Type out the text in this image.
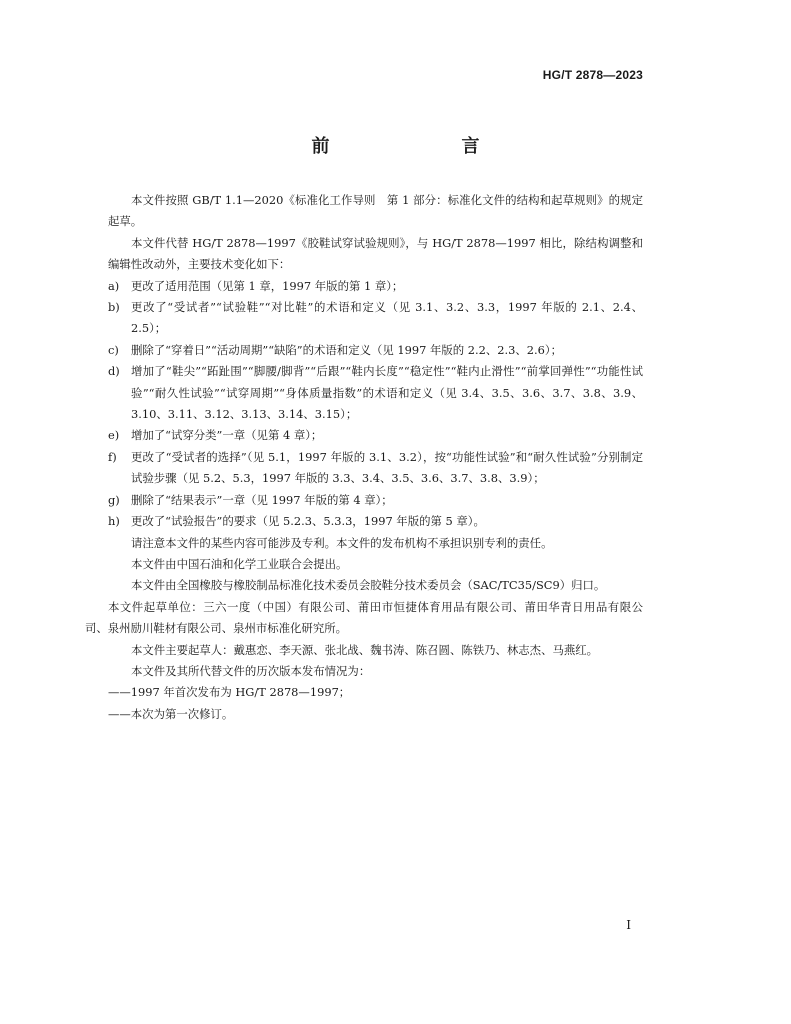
HG/T 2878—2023
前　　言

本文件按照 GB/T 1.1—2020《标准化工作导则　第 1 部分：标准化文件的结构和起草规则》的规定起草。

本文件代替 HG/T 2878—1997《胶鞋试穿试验规则》，与 HG/T 2878—1997 相比，除结构调整和编辑性改动外，主要技术变化如下：

a)	更改了适用范围（见第 1 章，1997 年版的第 1 章）；
b) 更改了“受试者”“试验鞋”“对比鞋”的术语和定义（见 3.1、3.2、3.3，1997 年版的 2.1、2.4、2.5）；
c)	删除了“穿着日”“活动周期”“缺陷”的术语和定义（见 1997 年版的 2.2、2.3、2.6）；
d) 增加了“鞋尖”“跖趾围”“脚腰/脚背”“后跟”“鞋内长度”“稳定性”“鞋内止滑性”“前掌回弹性”“功能性试验”“耐久性试验”“试穿周期”“身体质量指数”的术语和定义（见 3.4、3.5、3.6、3.7、3.8、3.9、3.10、3.11、3.12、3.13、3.14、3.15）；
e)	增加了“试穿分类”一章（见第 4 章）；
f)	更改了“受试者的选择”（见 5.1，1997 年版的 3.1、3.2），按“功能性试验”和“耐久性试验”分别制定试验步骤（见 5.2、5.3，1997 年版的 3.3、3.4、3.5、3.6、3.7、3.8、3.9）；
g) 删除了“结果表示”一章（见 1997 年版的第 4 章）；
h) 更改了“试验报告”的要求（见 5.2.3、5.3.3，1997 年版的第 5 章）。

请注意本文件的某些内容可能涉及专利。本文件的发布机构不承担识别专利的责任。

本文件由中国石油和化学工业联合会提出。

本文件由全国橡胶与橡胶制品标准化技术委员会胶鞋分技术委员会（SAC/TC35/SC9）归口。

本文件起草单位：三六一度（中国）有限公司、莆田市恒捷体育用品有限公司、莆田华青日用品有限公司、泉州励川鞋材有限公司、泉州市标准化研究所。

本文件主要起草人：戴惠恋、李天源、张北战、魏书涛、陈召圆、陈铁乃、林志杰、马燕红。

本文件及其所代替文件的历次版本发布情况为：

——1997 年首次发布为 HG/T 2878—1997；

——本次为第一次修订。

I
